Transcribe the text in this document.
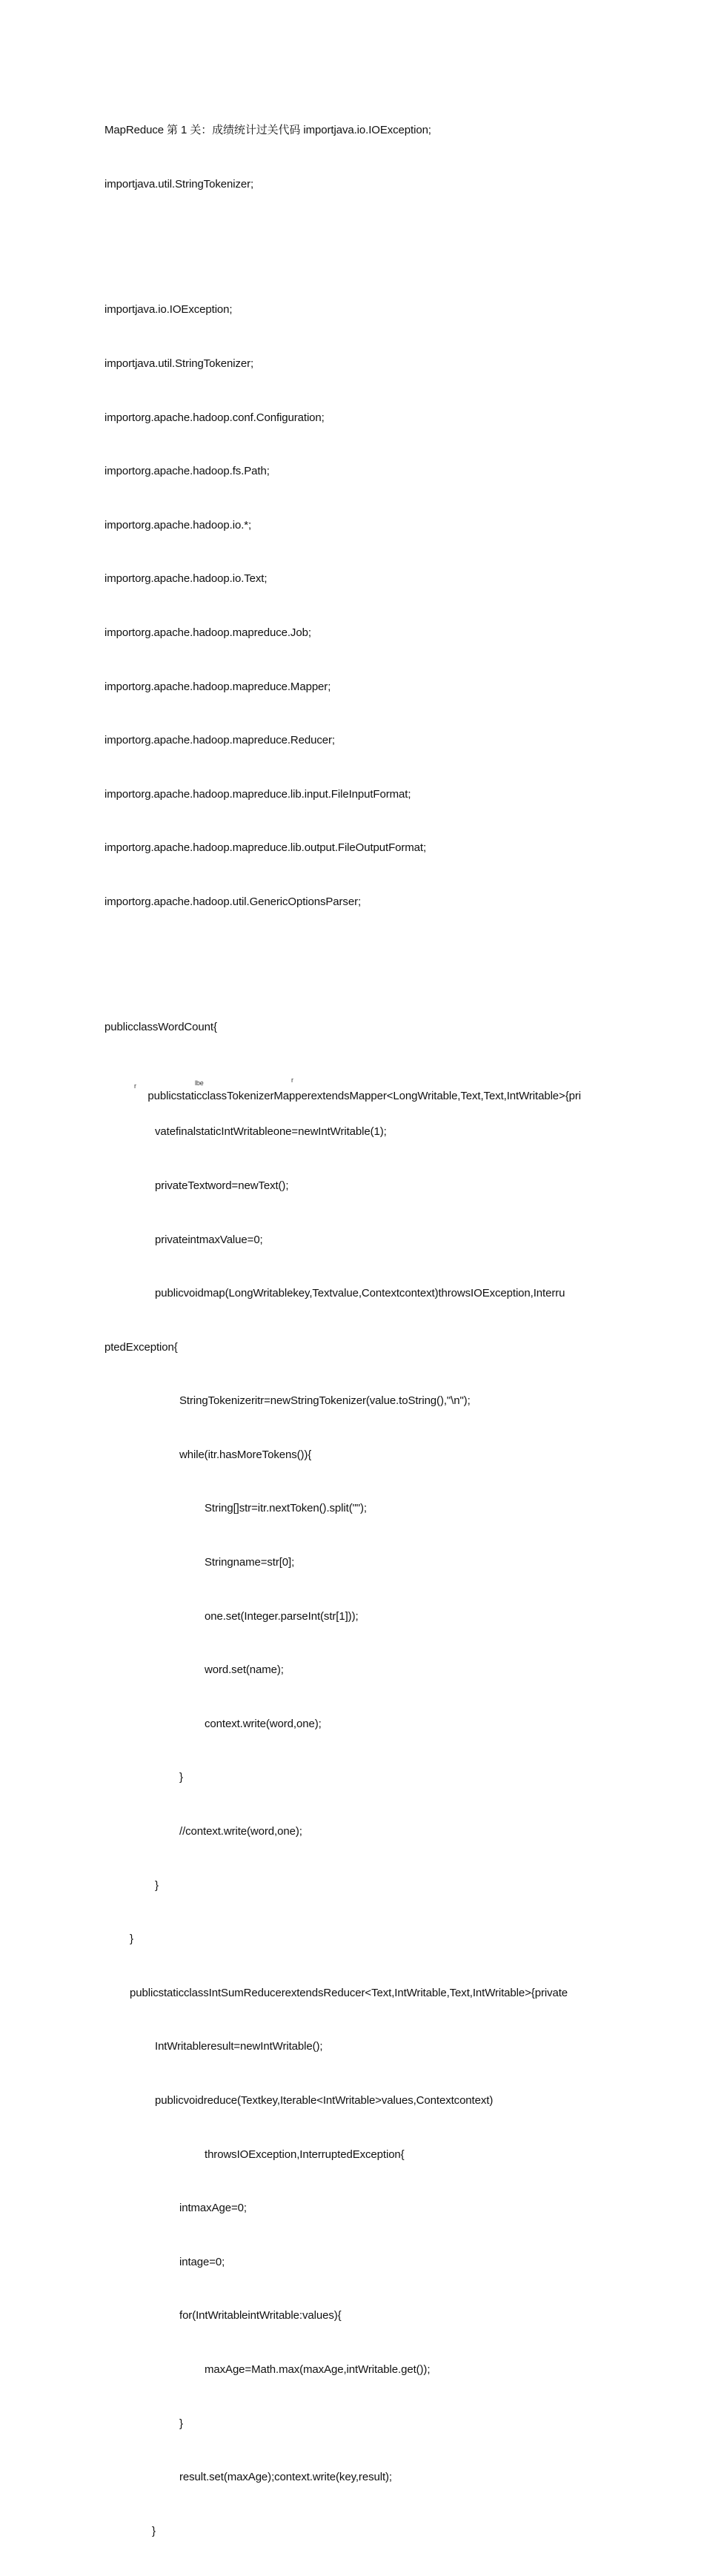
MapReduce 第 1 关：成绩统计过关代码 importjava.io.IOException;

importjava.util.StringTokenizer;

importjava.io.IOException;

importjava.util.StringTokenizer;

importorg.apache.hadoop.conf.Configuration;

importorg.apache.hadoop.fs.Path;

importorg.apache.hadoop.io.*;

importorg.apache.hadoop.io.Text;

importorg.apache.hadoop.mapreduce.Job;

importorg.apache.hadoop.mapreduce.Mapper;

importorg.apache.hadoop.mapreduce.Reducer;

importorg.apache.hadoop.mapreduce.lib.input.FileInputFormat;

importorg.apache.hadoop.mapreduce.lib.output.FileOutputFormat;

importorg.apache.hadoop.util.GenericOptionsParser;

publicclassWordCount{

publicstaticclassTokenizerMapperextendsMapper<LongWritable,Text,Text,IntWritable>{pri

r

	lbe

	r

vatefinalstaticIntWritableone=newIntWritable(1);

privateTextword=newText();

privateintmaxValue=0;

publicvoidmap(LongWritablekey,Textvalue,Contextcontext)throwsIOException,Interru

ptedException{

StringTokenizeritr=newStringTokenizer(value.toString(),"\n");

while(itr.hasMoreTokens()){

String[]str=itr.nextToken().split("");

Stringname=str[0];

one.set(Integer.parseInt(str[1]));

word.set(name);

context.write(word,one);

}

//context.write(word,one);

}

}

publicstaticclassIntSumReducerextendsReducer<Text,IntWritable,Text,IntWritable>{private

IntWritableresult=newIntWritable();

publicvoidreduce(Textkey,Iterable<IntWritable>values,Contextcontext)

throwsIOException,InterruptedException{

intmaxAge=0;

intage=0;

for(IntWritableintWritable:values){

maxAge=Math.max(maxAge,intWritable.get());

}

result.set(maxAge);context.write(key,result);

}
